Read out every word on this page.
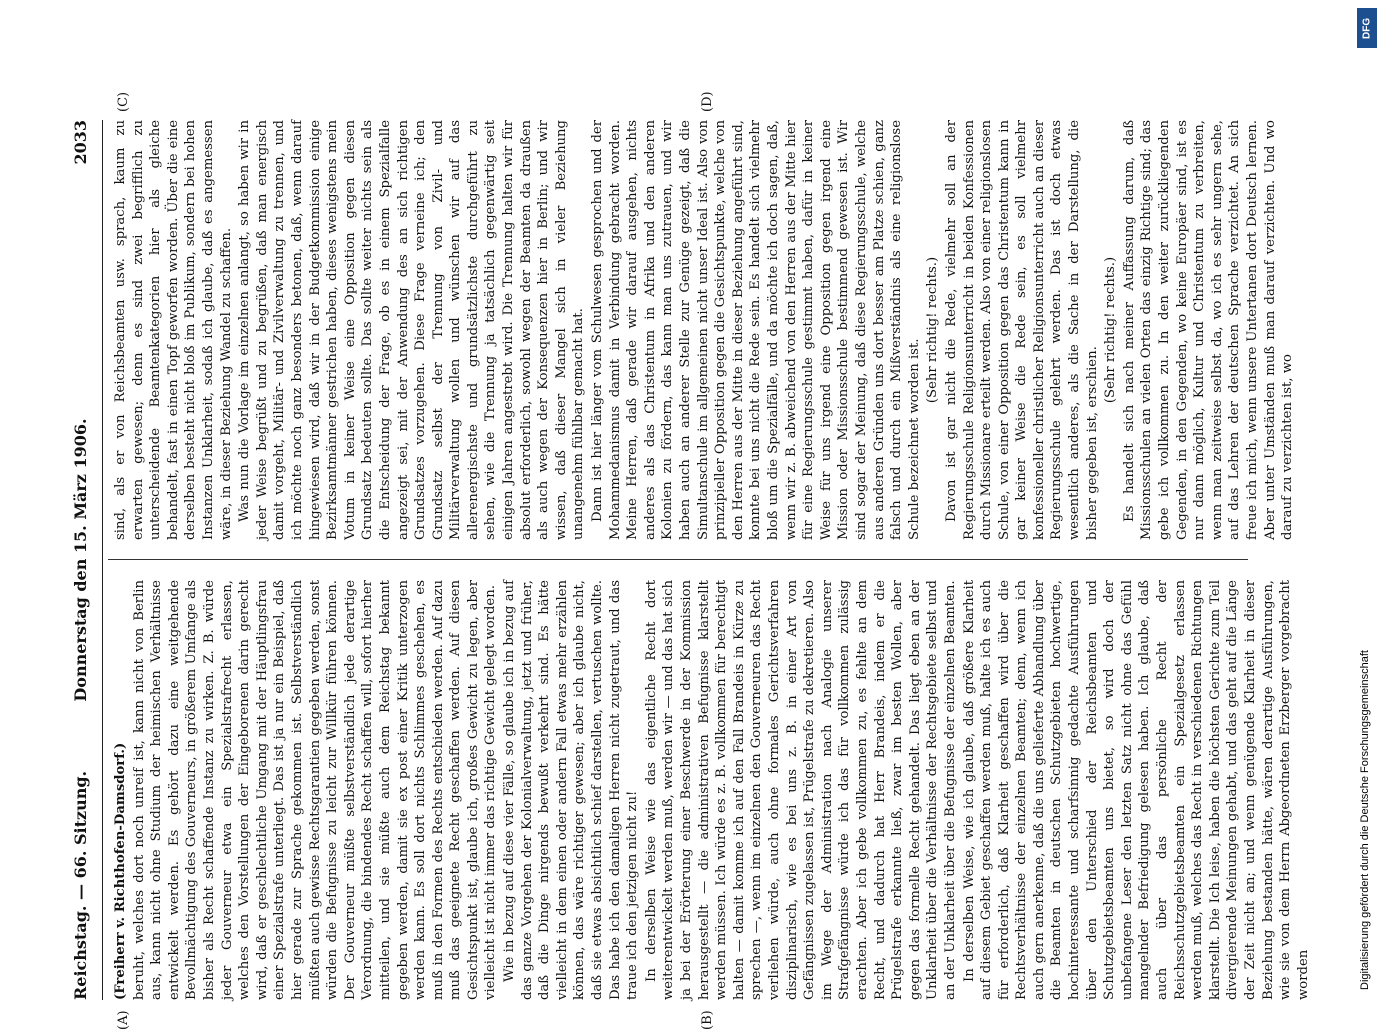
Digitalisierung gefördert durch die Deutsche Forschungsgemeinschaft
Reichstag. — 66. Sitzung.
Donnerstag den 15. März 1906.
2033
(A)	(B)
(C)	(D)

(Freiherr v. Richthofen-Damsdorf.) beruht, welches dort noch unreif ist, kann nicht von Berlin aus, kann nicht ohne Studium der heimischen Verhältnisse entwickelt werden. Es gehört dazu eine weitgehende Bevollmächtigung des Gouverneurs, in größerem Umfange als bisher als Recht schaffende Instanz zu wirken. Z. B. würde jeder Gouverneur etwa ein Spezialstrafrecht erlassen, welches den Vorstellungen der Eingeborenen darin gerecht wird, daß er geschlechtliche Umgang mit der Häuptlingsfrau einer Spezialstrafe unterliegt. Das ist ja nur ein Beispiel, daß hier gerade zur Sprache gekommen ist. Selbstverständlich müßten auch gewisse Rechtsgarantien gegeben werden, sonst würden die Befugnisse zu leicht zur Willkür führen können. Der Gouverneur müßte selbstverständlich jede derartige Verordnung, die bindendes Recht schaffen will, sofort hierher mitteilen, und sie müßte auch dem Reichstag bekannt gegeben werden, damit sie ex post einer Kritik unterzogen werden kann. Es soll dort nichts Schlimmes geschehen, es muß in den Formen des Rechts entschieden werden. Auf dazu muß das geeignete Recht geschaffen werden. Auf diesen Gesichtspunkt ist, glaube ich, großes Gewicht zu legen, aber vielleicht ist nicht immer das richtige Gewicht gelegt worden. Wie in bezug auf diese vier Fälle, so glaube ich in bezug auf das ganze Vorgehen der Kolonialverwaltung, jetzt und früher, daß die Dinge nirgends bewußt verkehrt sind. Es hätte vielleicht in dem einen oder andern Fall etwas mehr erzählen können, das wäre richtiger gewesen; aber ich glaube nicht, daß sie etwas absichtlich schief darstellen, vertuschen wollte. Das habe ich den damaligen Herren nicht zugetraut, und das traue ich den jetzigen nicht zu! In derselben Weise wie das eigentliche Recht dort weiterentwickelt werden muß, werden wir — und das hat sich ja bei der Erörterung einer Beschwerde in der Kommission herausgestellt — die administrativen Befugnisse klarstellt werden müssen. Ich würde es z. B. vollkommen für berechtigt halten — damit komme ich auf den Fall Brandeis in Kürze zu sprechen —, wenn im einzelnen den Gouverneuren das Recht verliehen würde, auch ohne formales Gerichtsverfahren disziplinarisch, wie es bei uns z. B. in einer Art von Gefängnissen zugelassen ist, Prügelstrafe zu dekretieren. Also im Wege der Administration nach Analogie unserer Strafgefängnisse würde ich das für vollkommen zulässig erachten. Aber ich gebe vollkommen zu, es fehlte an dem Recht, und dadurch hat Herr Brandeis, indem er die Prügelstrafe erkannte ließ, zwar im besten Wollen, aber gegen das formelle Recht gehandelt. Das liegt eben an der Unklarheit über die Verhältnisse der Rechtsgebiete selbst und an der Unklarheit über die Befugnisse der einzelnen Beamten. In derselben Weise, wie ich glaube, daß größere Klarheit auf diesem Gebiet geschaffen werden muß, halte ich es auch für erforderlich, daß Klarheit geschaffen wird über die Rechtsverhältnisse der einzelnen Beamten; denn, wenn ich auch gern anerkenne, daß die uns gelieferte Abhandlung über die Beamten in deutschen Schutzgebieten hochwertige, hochinteressante und scharfsinnig gedachte Ausführungen über den Unterschied der Reichsbeamten und Schutzgebietsbeamten uns bietet, so wird doch der unbefangene Leser den letzten Satz nicht ohne das Gefühl mangelnder Befriedigung gelesen haben. Ich glaube, daß auch über das persönliche Recht der Reichsschutzgebietsbeamten ein Spezialgesetz erlassen werden muß, welches das Recht in verschiedenen Richtungen klarstellt. Die Ich leise, haben die höchsten Gerichte zum Teil divergierende Meinungen gehabt, und das geht auf die Länge der Zeit nicht an; und wenn genügende Klarheit in dieser Beziehung bestanden hätte, wären derartige Ausführungen, wie sie von dem Herrn Abgeordneten Erzberger vorgebracht worden

sind, als er von Reichsbeamten usw. sprach, kaum zu erwarten gewesen; denn es sind zwei begrifflich zu unterscheidende Beamtenkategorien hier als gleiche behandelt, fast in einen Topf geworfen worden. Über die eine derselben besteht nicht bloß im Publikum, sondern bei hohen Instanzen Unklarheit, sodaß ich glaube, daß es angemessen wäre, in dieser Beziehung Wandel zu schaffen. Was nun die Vorlage im einzelnen anlangt, so haben wir in jeder Weise begrüßt und zu begrüßen, daß man energisch damit vorgeht, Militär- und Zivilverwaltung zu trennen, und ich möchte noch ganz besonders betonen, daß, wenn darauf hingewiesen wird, daß wir in der Budgetkommission einige Bezirksamtmänner gestrichen haben, dieses wenigstens mein Votum in keiner Weise eine Opposition gegen diesen Grundsatz bedeuten sollte. Das sollte weiter nichts sein als die Entscheidung der Frage, ob es in einem Spezialfalle angezeigt sei, mit der Anwendung des an sich richtigen Grundsatzes vorzugehen. Diese Frage verneine ich; den Grundsatz selbst der Trennung von Zivil- und Militärverwaltung wollen und wünschen wir auf das allerenergischste und grundsätzlichste durchgeführt zu sehen, wie die Trennung ja tatsächlich gegenwärtig seit einigen Jahren angestrebt wird. Die Trennung halten wir für absolut erforderlich, sowohl wegen der Beamten da draußen als auch wegen der Konsequenzen hier in Berlin; und wir wissen, daß dieser Mangel sich in vieler Beziehung unangenehm fühlbar gemacht hat. Dann ist hier länger vom Schulwesen gesprochen und der Mohammedanismus damit in Verbindung gebracht worden. Meine Herren, daß gerade wir darauf ausgehen, nichts anderes als das Christentum in Afrika und den anderen Kolonien zu fördern, das kann man uns zutrauen, und wir haben auch an anderer Stelle zur Genüge gezeigt, daß die Simultanschule im allgemeinen nicht unser Ideal ist. Also von prinzipieller Opposition gegen die Gesichtspunkte, welche von den Herren aus der Mitte in dieser Beziehung angeführt sind, konnte bei uns nicht die Rede sein. Es handelt sich vielmehr bloß um die Spezialfälle, und da möchte ich doch sagen, daß, wenn wir z. B. abweichend von den Herren aus der Mitte hier für eine Regierungsschule gestimmt haben, dafür in keiner Weise für uns irgend eine Opposition gegen irgend eine Mission oder Missionsschule bestimmend gewesen ist. Wir sind sogar der Meinung, daß diese Regierungsschule, welche aus anderen Gründen uns dort besser am Platze schien, ganz falsch und durch ein Mißverständnis als eine religionslose Schule bezeichnet worden ist.

(Sehr richtig! rechts.) Davon ist gar nicht die Rede, vielmehr soll an der Regierungsschule Religionsunterricht in beiden Konfessionen durch Missionare erteilt werden. Also von einer religionslosen Schule, von einer Opposition gegen das Christentum kann in gar keiner Weise die Rede sein, es soll vielmehr konfessioneller christlicher Religionsunterricht auch an dieser Regierungsschule gelehrt werden. Das ist doch etwas wesentlich anderes, als die Sache in der Darstellung, die bisher gegeben ist, erschien.

(Sehr richtig! rechts.) Es handelt sich nach meiner Auffassung darum, daß Missionsschulen an vielen Orten das einzig Richtige sind; das gebe ich vollkommen zu. In den weiter zurückliegenden Gegenden, in den Gegenden, wo keine Europäer sind, ist es nur dann möglich, Kultur und Christentum zu verbreiten, wenn man zeitweise selbst da, wo ich es sehr ungern sehe, auf das Lehren der deutschen Sprache verzichtet. An sich freue ich mich, wenn unsere Untertanen dort Deutsch lernen. Aber unter Umständen muß man darauf verzichten. Und wo darauf zu verzichten ist, wo

DFG
